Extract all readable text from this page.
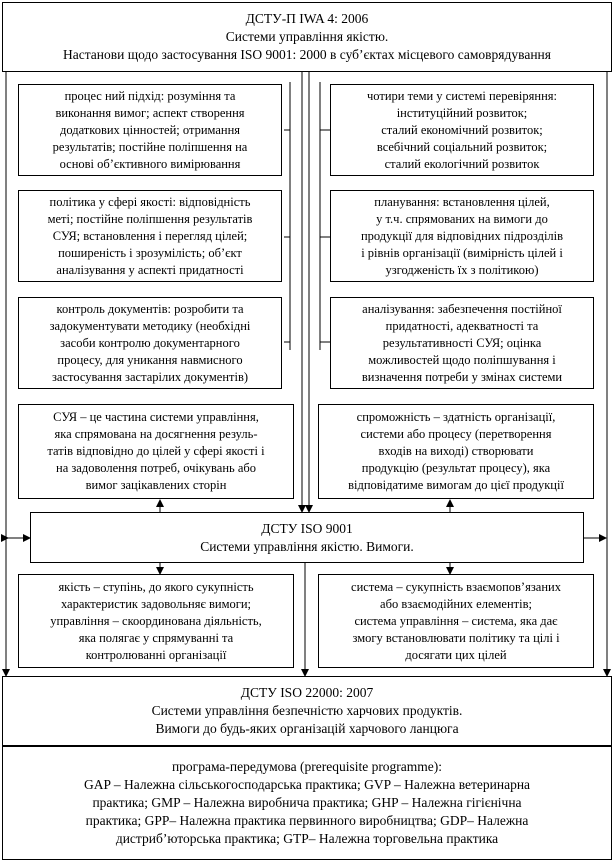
ДСТУ-П IWA 4: 2006
Системи управління якістю.
Настанови щодо застосування ISO 9001: 2000 в суб’єктах місцевого самоврядування
процес ний підхід: розуміння та
виконання вимог; аспект створення
додаткових цінностей; отримання
результатів; постійне поліпшення на
основі об’єктивного вимірювання
політика у сфері якості: відповідність
меті; постійне поліпшення результатів
СУЯ; встановлення і перегляд цілей;
поширеність і зрозумілість; об’єкт
аналізування у аспекті придатності
контроль документів: розробити та
задокументувати методику (необхідні
засоби контролю документарного
процесу, для уникання навмисного
застосування застарілих документів)
СУЯ – це частина системи управління,
яка спрямована на досягнення резуль-
татів відповідно до цілей у сфері якості і
на задоволення потреб, очікувань або
вимог зацікавлених сторін
чотири теми у системі перевіряння:
інституційний розвиток;
сталий економічний розвиток;
всебічний соціальний розвиток;
сталий екологічний розвиток
планування: встановлення цілей,
у т.ч. спрямованих на вимоги до
продукції для відповідних підрозділів
і рівнів організації (вимірність цілей і
узгодженість їх з політикою)
аналізування: забезпечення постійної
придатності, адекватності та
результативності СУЯ; оцінка
можливостей щодо поліпшування і
визначення потреби у змінах системи
спроможність – здатність організації,
системи або процесу (перетворення
входів на виході) створювати
продукцію (результат процесу), яка
відповідатиме вимогам до цієї продукції
ДСТУ ISO 9001
Системи управління якістю. Вимоги.
якість – ступінь, до якого сукупність
характеристик задовольняє вимоги;
управління – скоординована діяльність,
яка полягає у спрямуванні та
контролюванні організації
система – сукупність взаємопов’язаних
або взаємодійних елементів;
система управління – система, яка дає
змогу встановлювати політику та цілі і
досягати цих цілей
ДСТУ ISO 22000: 2007
Системи управління безпечністю харчових продуктів.
Вимоги до будь-яких організацій харчового ланцюга
програма-передумова (prerequisite programme):
GAP – Належна сільськогосподарська практика; GVP – Належна ветеринарна
практика; GMP – Належна виробнича практика; GHP – Належна гігієнічна
практика; GPP– Належна практика первинного виробництва; GDP– Належна
дистриб’юторська практика; GTP– Належна торговельна практика
